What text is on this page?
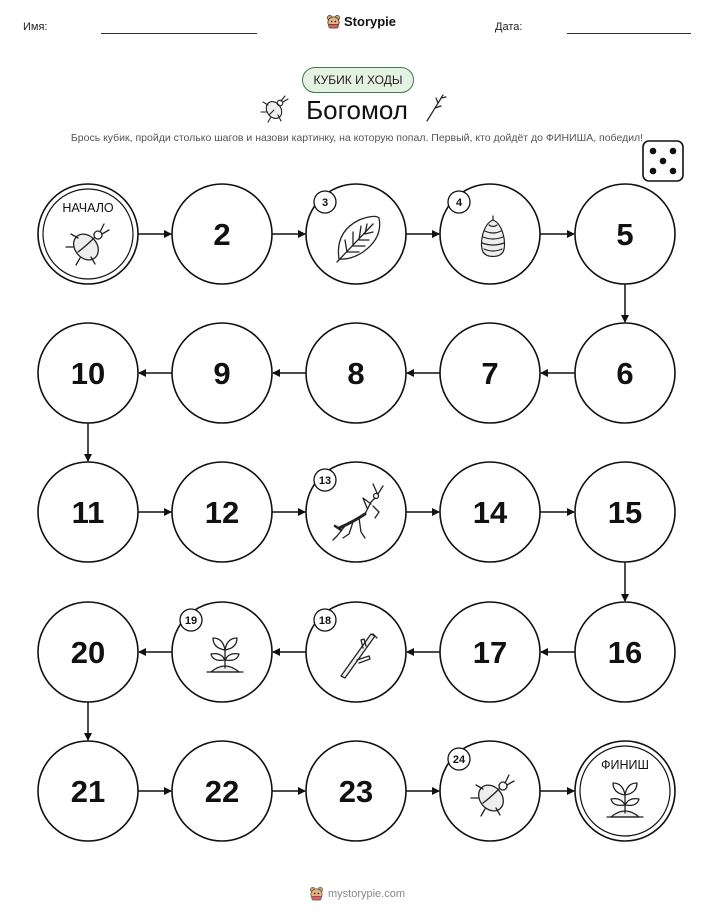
Имя:	Storypie	Дата:
КУБИК И ХОДЫ
Богомол
Брось кубик, пройди столько шагов и назови картинку, на которую попал. Первый, кто дойдёт до ФИНИША, победил!
НАЧАЛО
2
3	4
5
6
7
8
9
10
11	12
13
14	15
16
17
18
19
20
21	22	23
24	ФИНИШ
mystorypie.com
